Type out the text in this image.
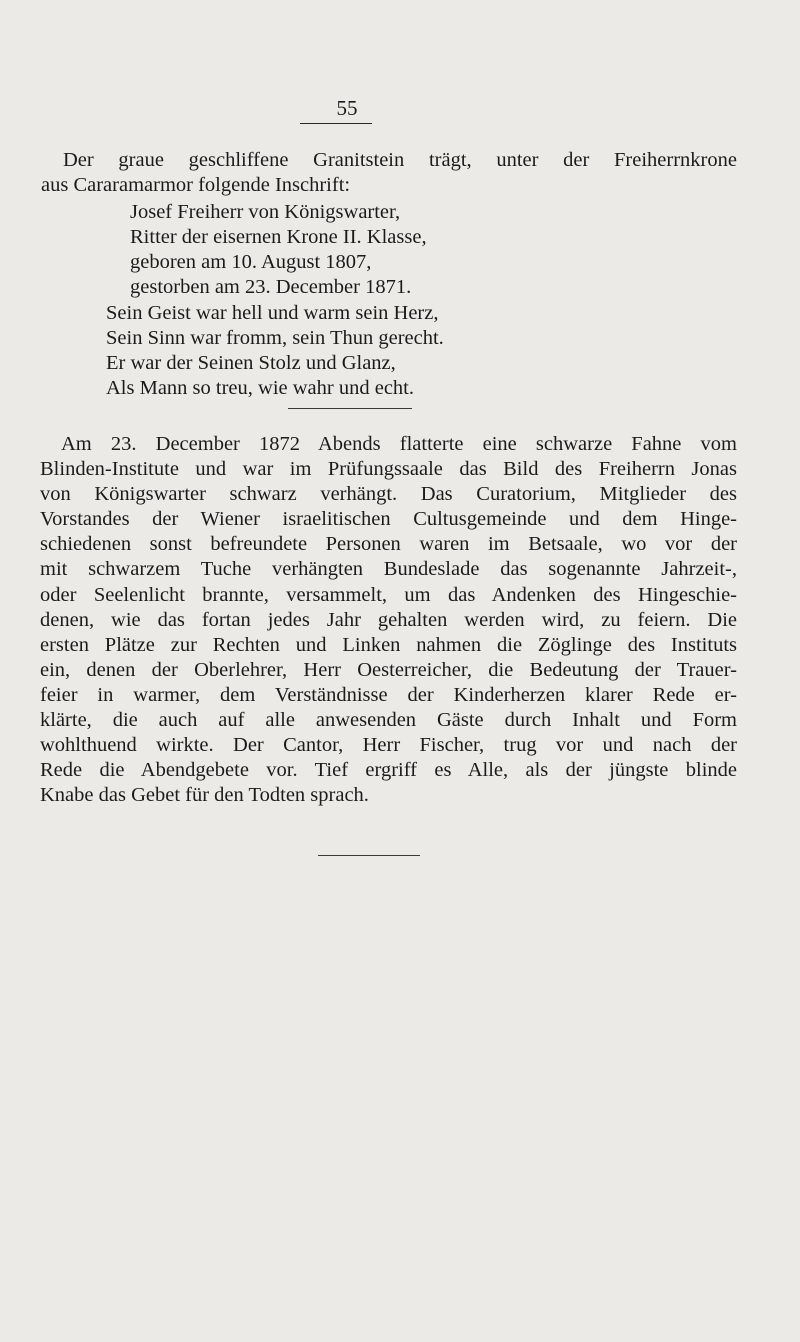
55
Der graue geschliffene Granitstein trägt, unter der Freiherrnkrone
aus Cararamarmor folgende Inschrift:
Josef Freiherr von Königswarter,
Ritter der eisernen Krone II. Klasse,
geboren am 10. August 1807,
gestorben am 23. December 1871.
Sein Geist war hell und warm sein Herz,
Sein Sinn war fromm, sein Thun gerecht.
Er war der Seinen Stolz und Glanz,
Als Mann so treu, wie wahr und echt.
Am 23. December 1872 Abends flatterte eine schwarze Fahne vom
Blinden-Institute und war im Prüfungssaale das Bild des Freiherrn Jonas
von Königswarter schwarz verhängt. Das Curatorium, Mitglieder des
Vorstandes der Wiener israelitischen Cultusgemeinde und dem Hinge-
schiedenen sonst befreundete Personen waren im Betsaale, wo vor der
mit schwarzem Tuche verhängten Bundeslade das sogenannte Jahrzeit-,
oder Seelenlicht brannte, versammelt, um das Andenken des Hingeschie-
denen, wie das fortan jedes Jahr gehalten werden wird, zu feiern. Die
ersten Plätze zur Rechten und Linken nahmen die Zöglinge des Instituts
ein, denen der Oberlehrer, Herr Oesterreicher, die Bedeutung der Trauer-
feier in warmer, dem Verständnisse der Kinderherzen klarer Rede er-
klärte, die auch auf alle anwesenden Gäste durch Inhalt und Form
wohlthuend wirkte. Der Cantor, Herr Fischer, trug vor und nach der
Rede die Abendgebete vor. Tief ergriff es Alle, als der jüngste blinde
Knabe das Gebet für den Todten sprach.
